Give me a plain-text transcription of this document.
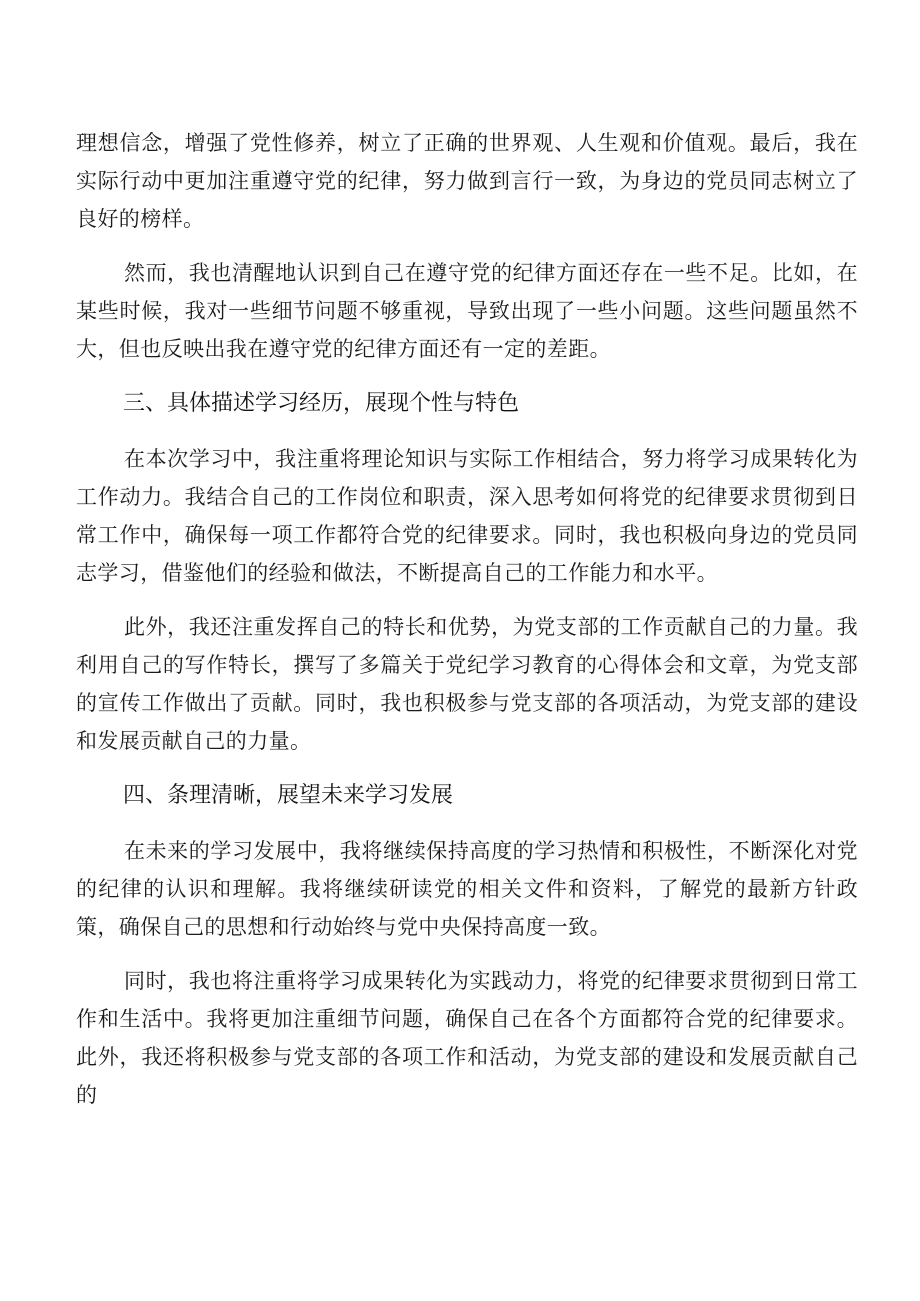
理想信念，增强了党性修养，树立了正确的世界观、人生观和价值观。最后，我在实际行动中更加注重遵守党的纪律，努力做到言行一致，为身边的党员同志树立了良好的榜样。

然而，我也清醒地认识到自己在遵守党的纪律方面还存在一些不足。比如，在某些时候，我对一些细节问题不够重视，导致出现了一些小问题。这些问题虽然不大，但也反映出我在遵守党的纪律方面还有一定的差距。

三、具体描述学习经历，展现个性与特色

在本次学习中，我注重将理论知识与实际工作相结合，努力将学习成果转化为工作动力。我结合自己的工作岗位和职责，深入思考如何将党的纪律要求贯彻到日常工作中，确保每一项工作都符合党的纪律要求。同时，我也积极向身边的党员同志学习，借鉴他们的经验和做法，不断提高自己的工作能力和水平。

此外，我还注重发挥自己的特长和优势，为党支部的工作贡献自己的力量。我利用自己的写作特长，撰写了多篇关于党纪学习教育的心得体会和文章，为党支部的宣传工作做出了贡献。同时，我也积极参与党支部的各项活动，为党支部的建设和发展贡献自己的力量。

四、条理清晰，展望未来学习发展

在未来的学习发展中，我将继续保持高度的学习热情和积极性，不断深化对党的纪律的认识和理解。我将继续研读党的相关文件和资料，了解党的最新方针政策，确保自己的思想和行动始终与党中央保持高度一致。

同时，我也将注重将学习成果转化为实践动力，将党的纪律要求贯彻到日常工作和生活中。我将更加注重细节问题，确保自己在各个方面都符合党的纪律要求。此外，我还将积极参与党支部的各项工作和活动，为党支部的建设和发展贡献自己的
